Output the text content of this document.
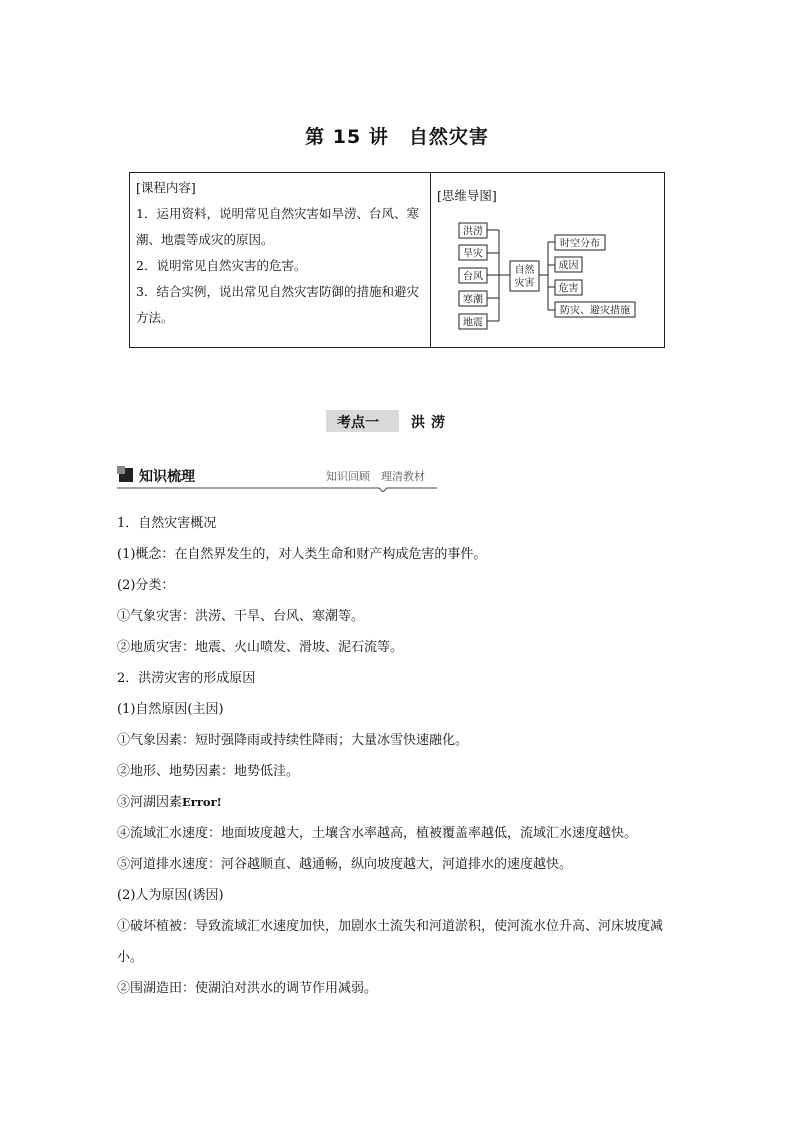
第 15 讲　自然灾害
[课程内容]

1．运用资料，说明常见自然灾害如旱涝、台风、寒潮、地震等成灾的原因。

2．说明常见自然灾害的危害。

3．结合实例，说出常见自然灾害防御的措施和避灾方法。

[思维导图]
洪涝
旱灾
台风
寒潮
地震
自然
灾害
时空分布
成因
危害
防灾、避灾措施
考点一 洪涝
知识梳理	知识回顾　理清教材

1．自然灾害概况

(1)概念：在自然界发生的，对人类生命和财产构成危害的事件。

(2)分类：

①气象灾害：洪涝、干旱、台风、寒潮等。

②地质灾害：地震、火山喷发、滑坡、泥石流等。

2．洪涝灾害的形成原因

(1)自然原因(主因)

①气象因素：短时强降雨或持续性降雨；大量冰雪快速融化。

②地形、地势因素：地势低洼。

③河湖因素Error!

④流域汇水速度：地面坡度越大，土壤含水率越高，植被覆盖率越低，流域汇水速度越快。

⑤河道排水速度：河谷越顺直、越通畅，纵向坡度越大，河道排水的速度越快。

(2)人为原因(诱因)

①破坏植被：导致流域汇水速度加快，加剧水土流失和河道淤积，使河流水位升高、河床坡度减小。

②围湖造田：使湖泊对洪水的调节作用减弱。
